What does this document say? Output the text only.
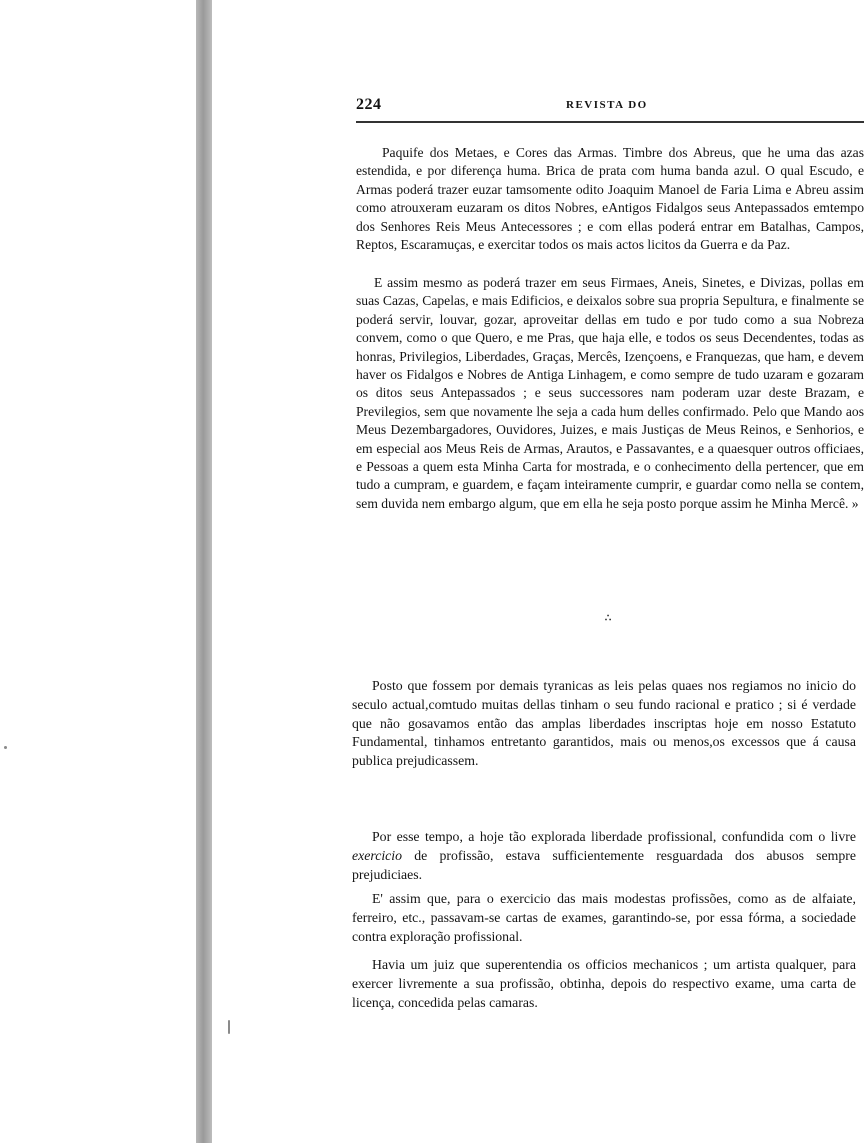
224	REVISTA DO

Paquife dos Metaes, e Cores das Armas. Timbre dos Abreus, que he uma das azas estendida, e por diferença huma. Brica de prata com huma banda azul. O qual Escudo, e Armas poderá trazer euzar tamsomente odito Joaquim Manoel de Faria Lima e Abreu assim como atrouxeram euzaram os ditos Nobres, eAntigos Fidalgos seus Antepassados emtempo dos Senhores Reis Meus Antecessores ; e com ellas poderá entrar em Batalhas, Campos, Reptos, Escaramuças, e exercitar todos os mais actos licitos da Guerra e da Paz.

E assim mesmo as poderá trazer em seus Firmaes, Aneis, Sinetes, e Divizas, pollas em suas Cazas, Capelas, e mais Edificios, e deixalos sobre sua propria Sepultura, e finalmente se poderá servir, louvar, gozar, aproveitar dellas em tudo e por tudo como a sua Nobreza convem, como o que Quero, e me Pras, que haja elle, e todos os seus Decendentes, todas as honras, Privilegios, Liberdades, Graças, Mercês, Izençoens, e Franquezas, que ham, e devem haver os Fidalgos e Nobres de Antiga Linhagem, e como sempre de tudo uzaram e gozaram os ditos seus Antepassados ; e seus successores nam poderam uzar deste Brazam, e Previlegios, sem que novamente lhe seja a cada hum delles confirmado. Pelo que Mando aos Meus Dezembargadores, Ouvidores, Juizes, e mais Justiças de Meus Reinos, e Senhorios, e em especial aos Meus Reis de Armas, Arautos, e Passavantes, e a quaesquer outros officiaes, e Pessoas a quem esta Minha Carta for mostrada, e o conhecimento della pertencer, que em tudo a cumpram, e guardem, e façam inteiramente cumprir, e guardar como nella se contem, sem duvida nem embargo algum, que em ella he seja posto porque assim he Minha Mercê. »

∴

Posto que fossem por demais tyranicas as leis pelas quaes nos regiamos no inicio do seculo actual,comtudo muitas dellas tinham o seu fundo racional e pratico ; si é verdade que não gosavamos então das amplas liberdades inscriptas hoje em nosso Estatuto Fundamental, tinhamos entretanto garantidos, mais ou menos,os excessos que á causa publica prejudicassem.

Por esse tempo, a hoje tão explorada liberdade profissional, confundida com o livre exercicio de profissão, estava sufficientemente resguardada dos abusos sempre prejudiciaes.

E' assim que, para o exercicio das mais modestas profissões, como as de alfaiate, ferreiro, etc., passavam-se cartas de exames, garantindo-se, por essa fórma, a sociedade contra exploração profissional.

Havia um juiz que superentendia os officios mechanicos ; um artista qualquer, para exercer livremente a sua profissão, obtinha, depois do respectivo exame, uma carta de licença, concedida pelas camaras.
